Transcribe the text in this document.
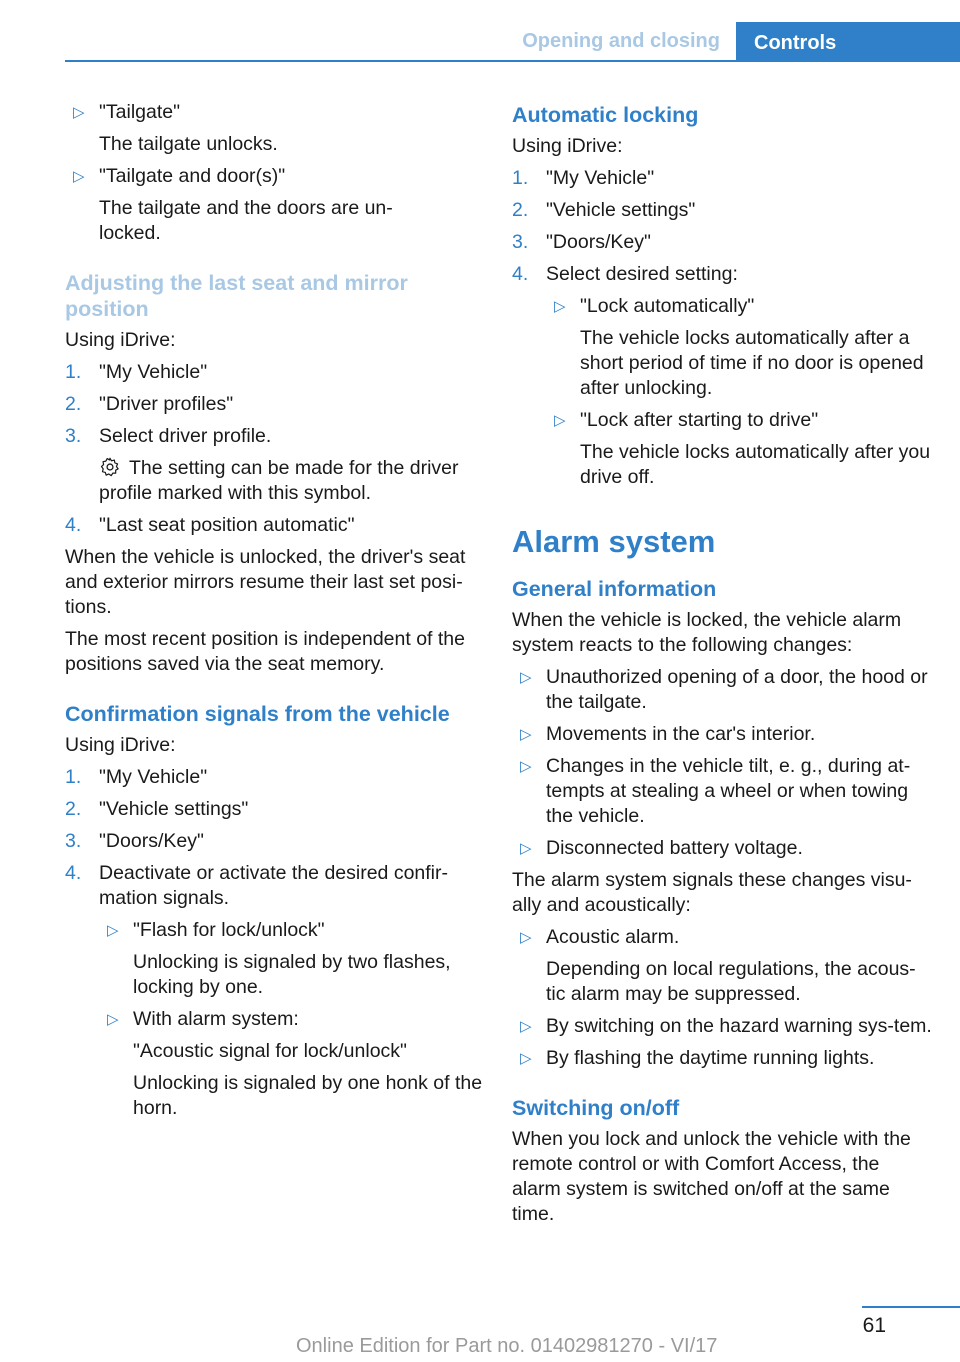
Opening and closing	Controls
▷ "Tailgate"
The tailgate unlocks.
▷ "Tailgate and door(s)"
The tailgate and the doors are un‐
locked.
Adjusting the last seat and mirror position

Using iDrive:

1. "My Vehicle"
2. "Driver profiles"
3. Select driver profile.
The setting can be made for the driver profile marked with this symbol.
4. "Last seat position automatic"

When the vehicle is unlocked, the driver's seat and exterior mirrors resume their last set posi‐tions.

The most recent position is independent of the positions saved via the seat memory.

Confirmation signals from the vehicle

Using iDrive:

1. "My Vehicle"
2. "Vehicle settings"
3. "Doors/Key"
4. Deactivate or activate the desired confir‐mation signals.
▷ "Flash for lock/unlock"
Unlocking is signaled by two flashes, locking by one.
▷ With alarm system:
"Acoustic signal for lock/unlock"
Unlocking is signaled by one honk of the horn.
Automatic locking

Using iDrive:

1. "My Vehicle"
2. "Vehicle settings"
3. "Doors/Key"
4. Select desired setting:
▷ "Lock automatically"
The vehicle locks automatically after a short period of time if no door is opened after unlocking.
▷ "Lock after starting to drive"
The vehicle locks automatically after you drive off.
Alarm system
General information

When the vehicle is locked, the vehicle alarm system reacts to the following changes:

▷ Unauthorized opening of a door, the hood or the tailgate.
▷ Movements in the car's interior.
▷ Changes in the vehicle tilt, e. g., during at‐tempts at stealing a wheel or when towing the vehicle.
▷ Disconnected battery voltage.

The alarm system signals these changes visu‐ally and acoustically:

▷ Acoustic alarm.
Depending on local regulations, the acous‐tic alarm may be suppressed.
▷ By switching on the hazard warning sys‐tem.
▷ By flashing the daytime running lights.
Switching on/off

When you lock and unlock the vehicle with the remote control or with Comfort Access, the alarm system is switched on/off at the same time.

61
Online Edition for Part no. 01402981270 - VI/17
